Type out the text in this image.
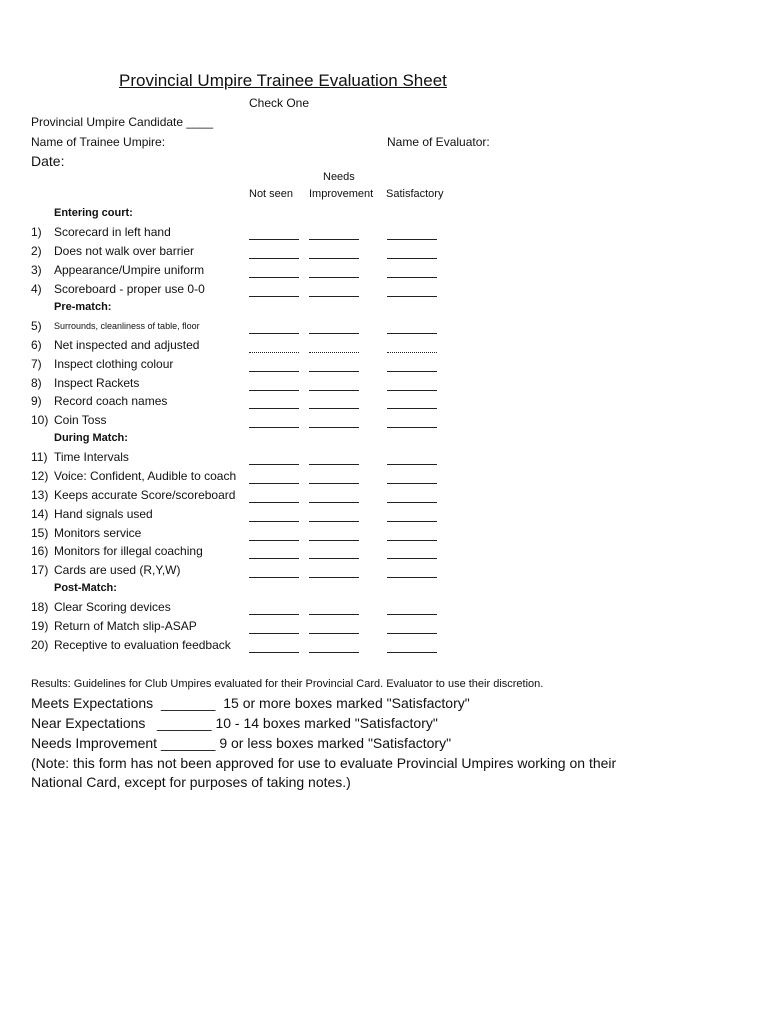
Provincial Umpire Trainee Evaluation Sheet
Check One
Provincial Umpire Candidate ____
Name of Trainee Umpire:	Name of Evaluator:
Date:
Needs
Not seen Improvement Satisfactory
Entering court:
1) Scorecard in left hand
2) Does not walk over barrier
3) Appearance/Umpire uniform
4) Scoreboard - proper use 0-0
Pre-match:
5) Surrounds, cleanliness of table, floor
6) Net inspected and adjusted
7) Inspect clothing colour
8) Inspect Rackets
9) Record coach names
10) Coin Toss
During Match:
11) Time Intervals
12) Voice: Confident, Audible to coach
13) Keeps accurate Score/scoreboard
14) Hand signals used
15) Monitors service
16) Monitors for illegal coaching
17) Cards are used (R,Y,W)
Post-Match:
18) Clear Scoring devices
19) Return of Match slip-ASAP
20) Receptive to evaluation feedback
Results: Guidelines for Club Umpires evaluated for their Provincial Card. Evaluator to use their discretion.
Meets Expectations  _______  15 or more boxes marked "Satisfactory"
Near Expectations   _______ 10 - 14 boxes marked "Satisfactory"
Needs Improvement _______ 9 or less boxes marked "Satisfactory"
(Note: this form has not been approved for use to evaluate Provincial Umpires working on their
National Card, except for purposes of taking notes.)
